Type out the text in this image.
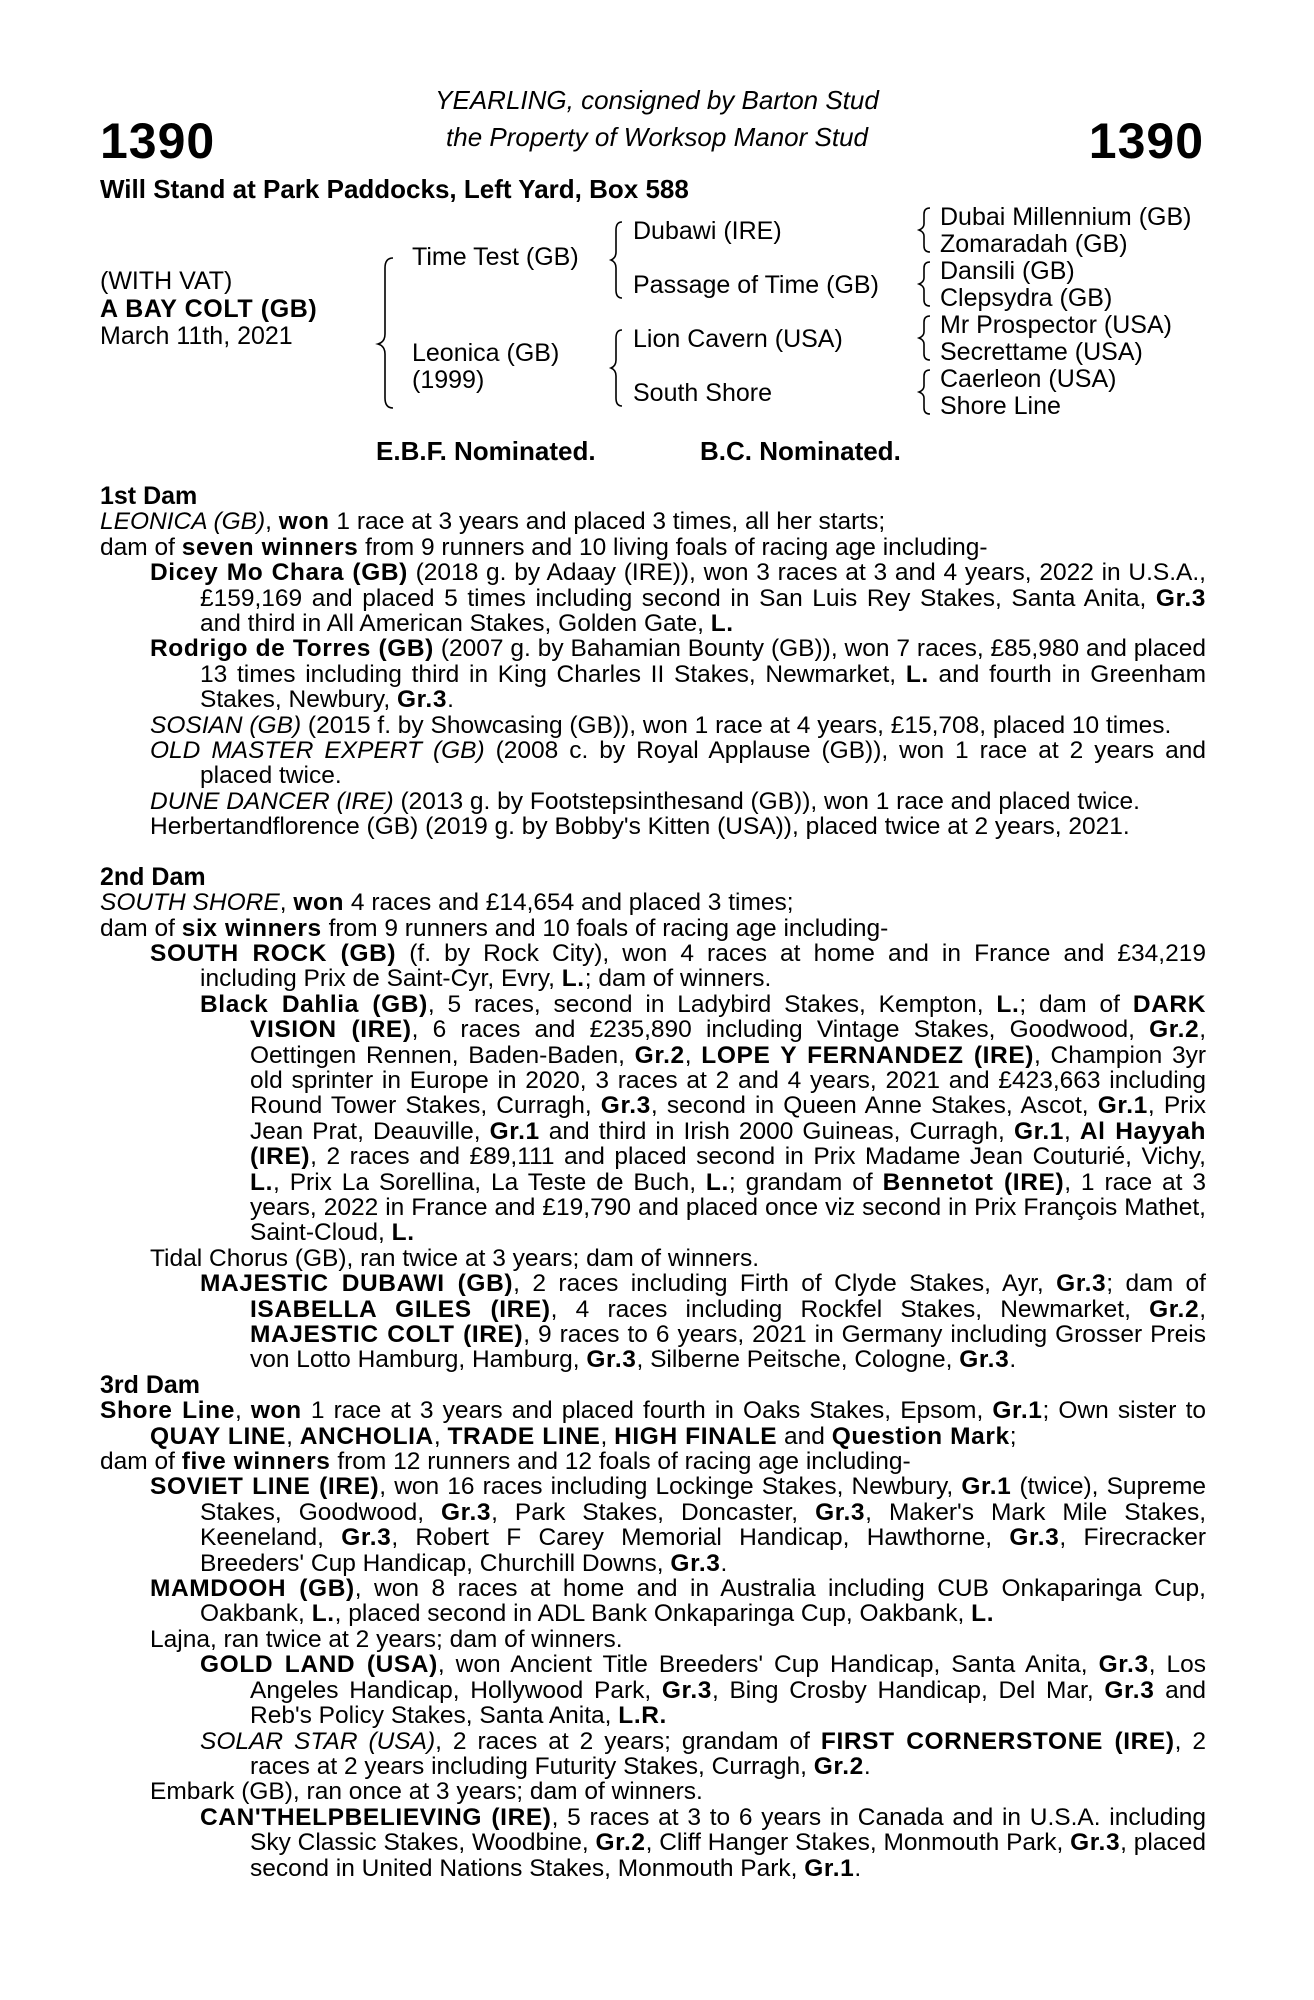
1390	1390
YEARLING, consigned by Barton Stud
the Property of Worksop Manor Stud
Will Stand at Park Paddocks, Left Yard, Box 588
(WITH VAT)
A BAY COLT (GB)
March 11th, 2021
Time Test (GB)
Leonica (GB)
(1999)
Dubawi (IRE)
Passage of Time (GB)
Lion Cavern (USA)
South Shore
Dubai Millennium (GB)
Zomaradah (GB)
Dansili (GB)
Clepsydra (GB)
Mr Prospector (USA)
Secrettame (USA)
Caerleon (USA)
Shore Line
E.B.F. Nominated.	B.C. Nominated.

1st Dam

LEONICA (GB), won 1 race at 3 years and placed 3 times, all her starts;

dam of seven winners from 9 runners and 10 living foals of racing age including-

Dicey Mo Chara (GB) (2018 g. by Adaay (IRE)), won 3 races at 3 and 4 years, 2022 in U.S.A., £159,169 and placed 5 times including second in San Luis Rey Stakes, Santa Anita, Gr.3 and third in All American Stakes, Golden Gate, L.

Rodrigo de Torres (GB) (2007 g. by Bahamian Bounty (GB)), won 7 races, £85,980 and placed 13 times including third in King Charles II Stakes, Newmarket, L. and fourth in Greenham Stakes, Newbury, Gr.3.

SOSIAN (GB) (2015 f. by Showcasing (GB)), won 1 race at 4 years, £15,708, placed 10 times.

OLD MASTER EXPERT (GB) (2008 c. by Royal Applause (GB)), won 1 race at 2 years and placed twice.

DUNE DANCER (IRE) (2013 g. by Footstepsinthesand (GB)), won 1 race and placed twice.

Herbertandflorence (GB) (2019 g. by Bobby's Kitten (USA)), placed twice at 2 years, 2021.

2nd Dam

SOUTH SHORE, won 4 races and £14,654 and placed 3 times;

dam of six winners from 9 runners and 10 foals of racing age including-

SOUTH ROCK (GB) (f. by Rock City), won 4 races at home and in France and £34,219 including Prix de Saint-Cyr, Evry, L.; dam of winners.

Black Dahlia (GB), 5 races, second in Ladybird Stakes, Kempton, L.; dam of DARK VISION (IRE), 6 races and £235,890 including Vintage Stakes, Goodwood, Gr.2, Oettingen Rennen, Baden-Baden, Gr.2, LOPE Y FERNANDEZ (IRE), Champion 3yr old sprinter in Europe in 2020, 3 races at 2 and 4 years, 2021 and £423,663 including Round Tower Stakes, Curragh, Gr.3, second in Queen Anne Stakes, Ascot, Gr.1, Prix Jean Prat, Deauville, Gr.1 and third in Irish 2000 Guineas, Curragh, Gr.1, Al Hayyah (IRE), 2 races and £89,111 and placed second in Prix Madame Jean Couturié, Vichy, L., Prix La Sorellina, La Teste de Buch, L.; grandam of Bennetot (IRE), 1 race at 3 years, 2022 in France and £19,790 and placed once viz second in Prix François Mathet, Saint-Cloud, L.

Tidal Chorus (GB), ran twice at 3 years; dam of winners.

MAJESTIC DUBAWI (GB), 2 races including Firth of Clyde Stakes, Ayr, Gr.3; dam of ISABELLA GILES (IRE), 4 races including Rockfel Stakes, Newmarket, Gr.2, MAJESTIC COLT (IRE), 9 races to 6 years, 2021 in Germany including Grosser Preis von Lotto Hamburg, Hamburg, Gr.3, Silberne Peitsche, Cologne, Gr.3.

3rd Dam

Shore Line, won 1 race at 3 years and placed fourth in Oaks Stakes, Epsom, Gr.1; Own sister to QUAY LINE, ANCHOLIA, TRADE LINE, HIGH FINALE and Question Mark;

dam of five winners from 12 runners and 12 foals of racing age including-

SOVIET LINE (IRE), won 16 races including Lockinge Stakes, Newbury, Gr.1 (twice), Supreme Stakes, Goodwood, Gr.3, Park Stakes, Doncaster, Gr.3, Maker's Mark Mile Stakes, Keeneland, Gr.3, Robert F Carey Memorial Handicap, Hawthorne, Gr.3, Firecracker Breeders' Cup Handicap, Churchill Downs, Gr.3.

MAMDOOH (GB), won 8 races at home and in Australia including CUB Onkaparinga Cup, Oakbank, L., placed second in ADL Bank Onkaparinga Cup, Oakbank, L.

Lajna, ran twice at 2 years; dam of winners.

GOLD LAND (USA), won Ancient Title Breeders' Cup Handicap, Santa Anita, Gr.3, Los Angeles Handicap, Hollywood Park, Gr.3, Bing Crosby Handicap, Del Mar, Gr.3 and Reb's Policy Stakes, Santa Anita, L.R.

SOLAR STAR (USA), 2 races at 2 years; grandam of FIRST CORNERSTONE (IRE), 2 races at 2 years including Futurity Stakes, Curragh, Gr.2.

Embark (GB), ran once at 3 years; dam of winners.

CAN'THELPBELIEVING (IRE), 5 races at 3 to 6 years in Canada and in U.S.A. including Sky Classic Stakes, Woodbine, Gr.2, Cliff Hanger Stakes, Monmouth Park, Gr.3, placed second in United Nations Stakes, Monmouth Park, Gr.1.
